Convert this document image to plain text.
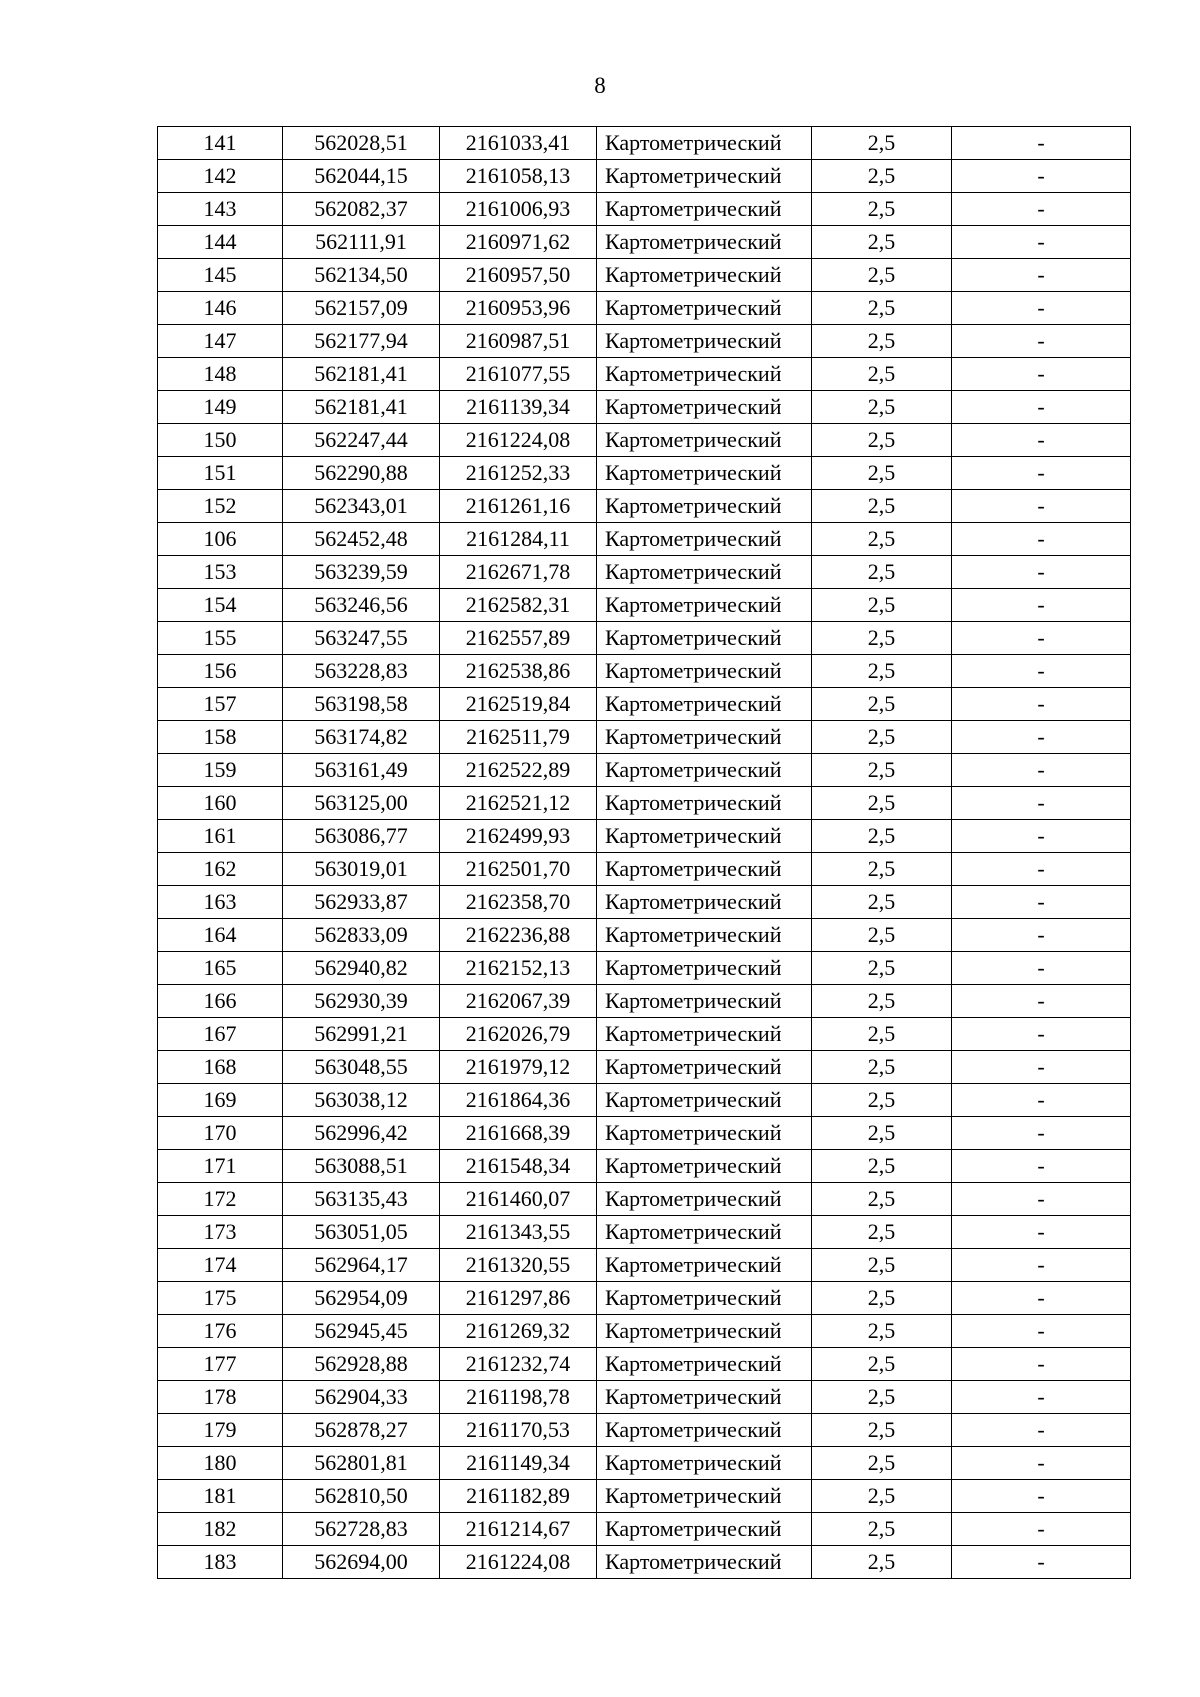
8
141	562028,51	2161033,41	Картометрический	2,5	-
142	562044,15	2161058,13	Картометрический	2,5	-
143	562082,37	2161006,93	Картометрический	2,5	-
144	562111,91	2160971,62	Картометрический	2,5	-
145	562134,50	2160957,50	Картометрический	2,5	-
146	562157,09	2160953,96	Картометрический	2,5	-
147	562177,94	2160987,51	Картометрический	2,5	-
148	562181,41	2161077,55	Картометрический	2,5	-
149	562181,41	2161139,34	Картометрический	2,5	-
150	562247,44	2161224,08	Картометрический	2,5	-
151	562290,88	2161252,33	Картометрический	2,5	-
152	562343,01	2161261,16	Картометрический	2,5	-
106	562452,48	2161284,11	Картометрический	2,5	-
153	563239,59	2162671,78	Картометрический	2,5	-
154	563246,56	2162582,31	Картометрический	2,5	-
155	563247,55	2162557,89	Картометрический	2,5	-
156	563228,83	2162538,86	Картометрический	2,5	-
157	563198,58	2162519,84	Картометрический	2,5	-
158	563174,82	2162511,79	Картометрический	2,5	-
159	563161,49	2162522,89	Картометрический	2,5	-
160	563125,00	2162521,12	Картометрический	2,5	-
161	563086,77	2162499,93	Картометрический	2,5	-
162	563019,01	2162501,70	Картометрический	2,5	-
163	562933,87	2162358,70	Картометрический	2,5	-
164	562833,09	2162236,88	Картометрический	2,5	-
165	562940,82	2162152,13	Картометрический	2,5	-
166	562930,39	2162067,39	Картометрический	2,5	-
167	562991,21	2162026,79	Картометрический	2,5	-
168	563048,55	2161979,12	Картометрический	2,5	-
169	563038,12	2161864,36	Картометрический	2,5	-
170	562996,42	2161668,39	Картометрический	2,5	-
171	563088,51	2161548,34	Картометрический	2,5	-
172	563135,43	2161460,07	Картометрический	2,5	-
173	563051,05	2161343,55	Картометрический	2,5	-
174	562964,17	2161320,55	Картометрический	2,5	-
175	562954,09	2161297,86	Картометрический	2,5	-
176	562945,45	2161269,32	Картометрический	2,5	-
177	562928,88	2161232,74	Картометрический	2,5	-
178	562904,33	2161198,78	Картометрический	2,5	-
179	562878,27	2161170,53	Картометрический	2,5	-
180	562801,81	2161149,34	Картометрический	2,5	-
181	562810,50	2161182,89	Картометрический	2,5	-
182	562728,83	2161214,67	Картометрический	2,5	-
183	562694,00	2161224,08	Картометрический	2,5	-
